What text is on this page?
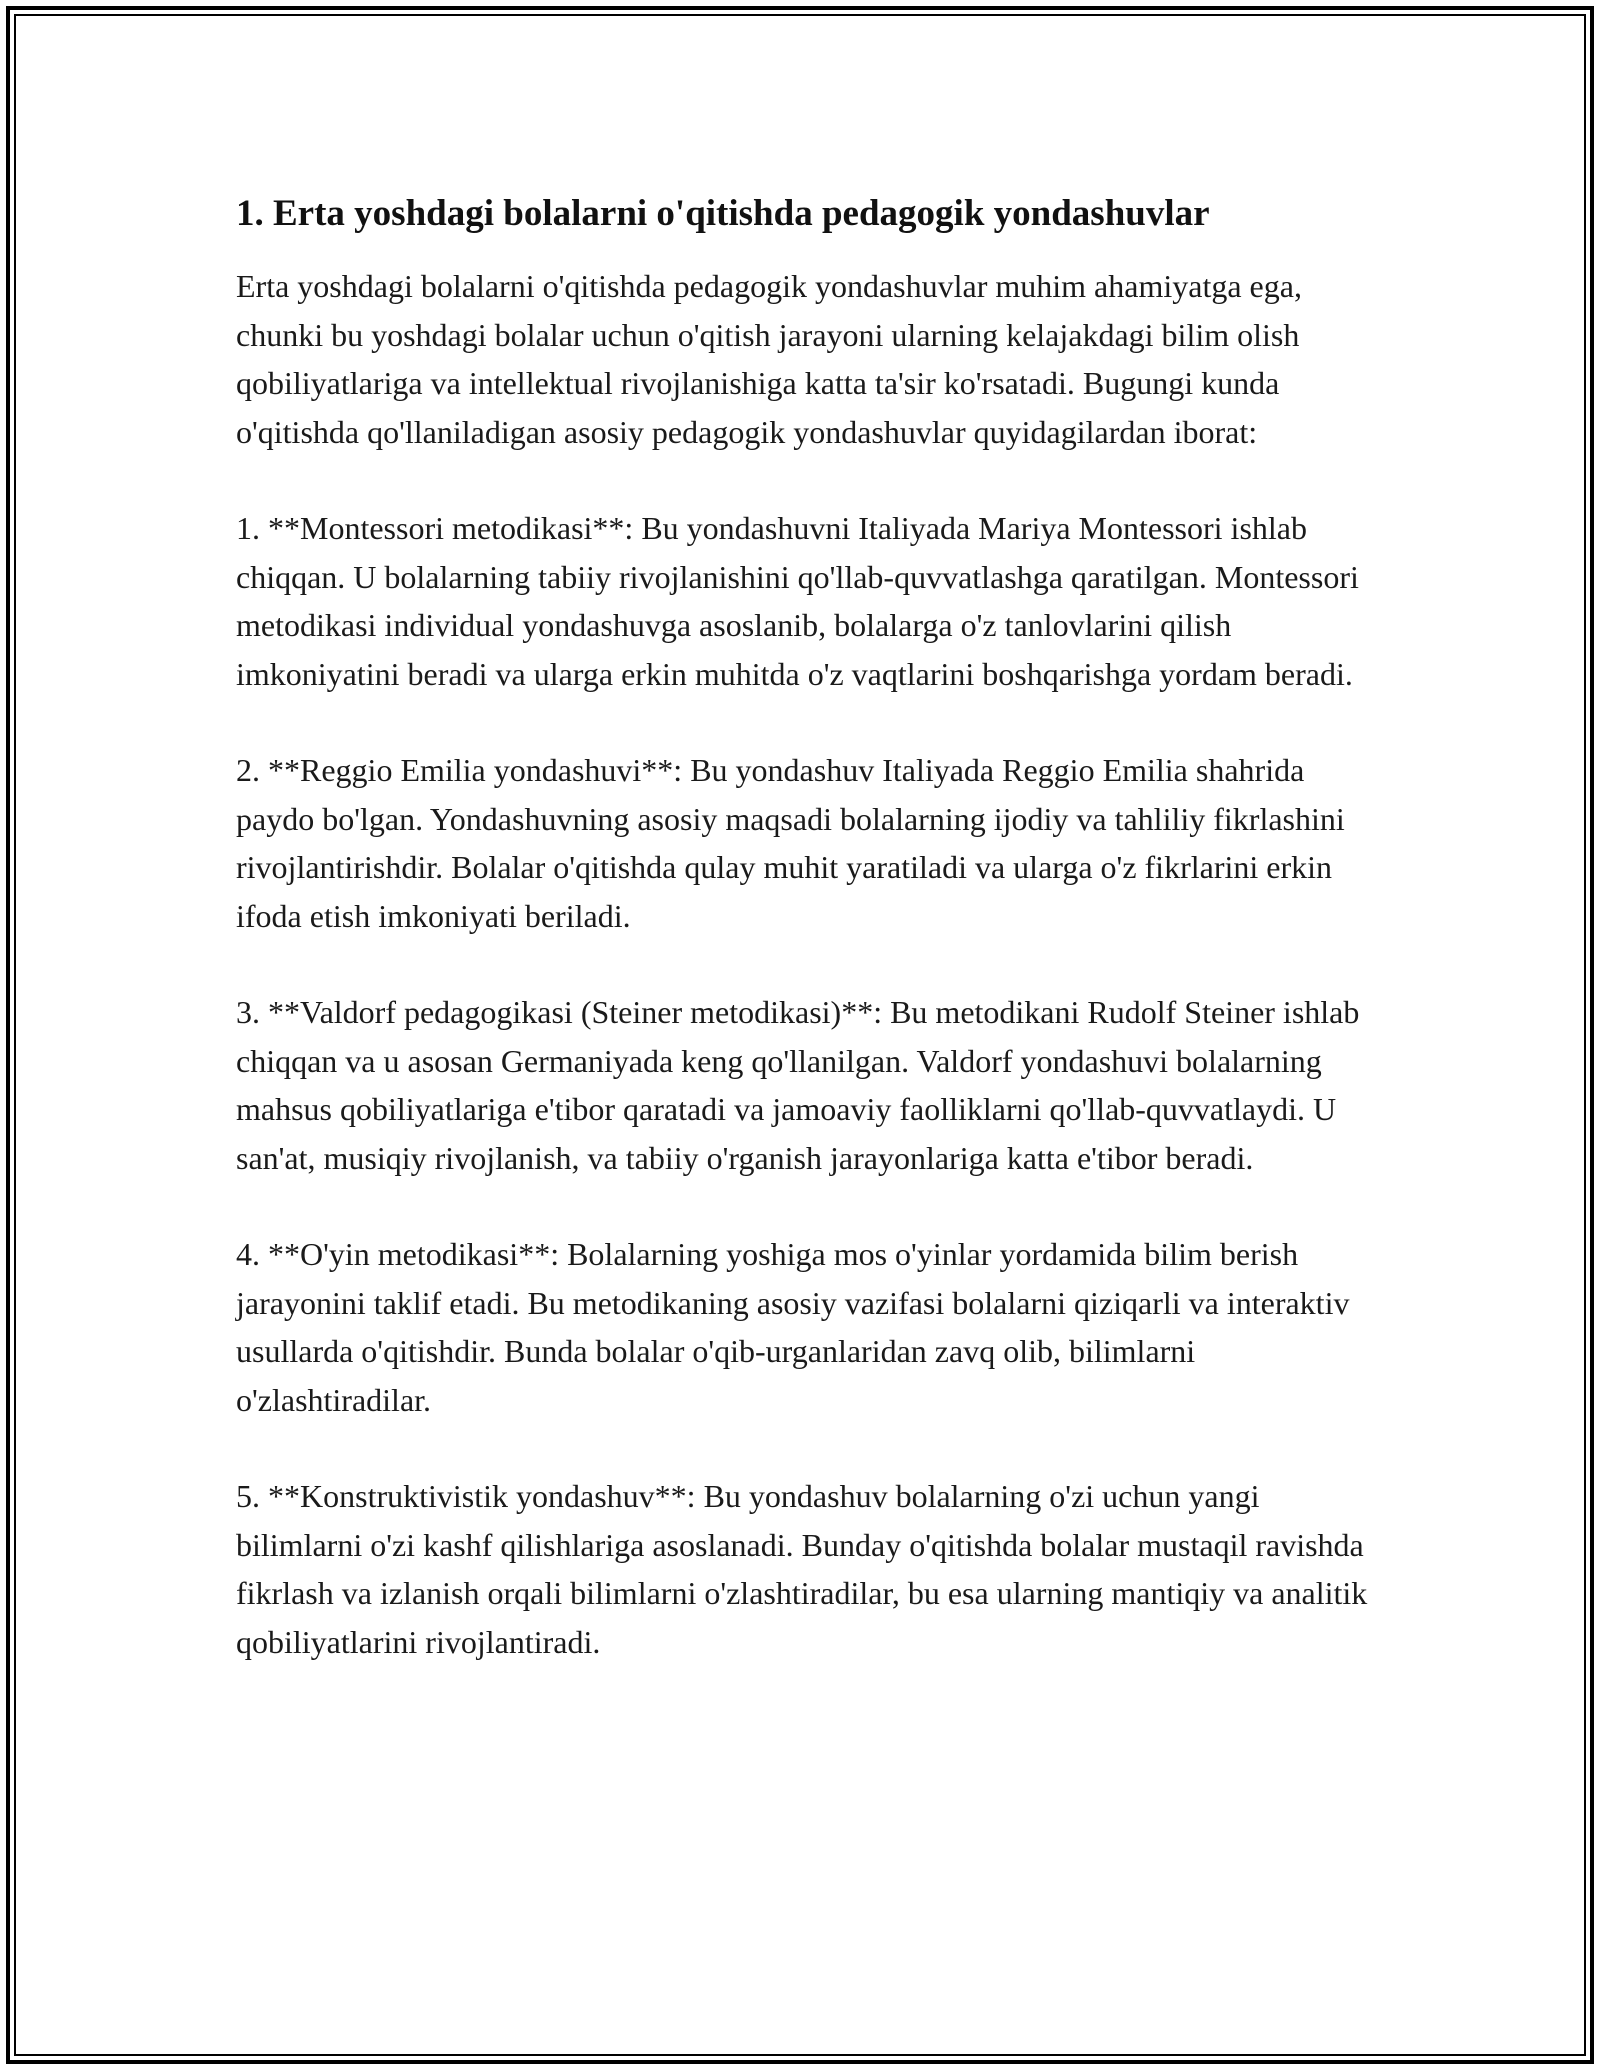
1. Erta yoshdagi bolalarni o'qitishda pedagogik yondashuvlar

Erta yoshdagi bolalarni o'qitishda pedagogik yondashuvlar muhim ahamiyatga ega, chunki bu yoshdagi bolalar uchun o'qitish jarayoni ularning kelajakdagi bilim olish qobiliyatlariga va intellektual rivojlanishiga katta ta'sir ko'rsatadi. Bugungi kunda o'qitishda qo'llaniladigan asosiy pedagogik yondashuvlar quyidagilardan iborat:

1. **Montessori metodikasi**: Bu yondashuvni Italiyada Mariya Montessori ishlab chiqqan. U bolalarning tabiiy rivojlanishini qo'llab-quvvatlashga qaratilgan. Montessori metodikasi individual yondashuvga asoslanib, bolalarga o'z tanlovlarini qilish imkoniyatini beradi va ularga erkin muhitda o'z vaqtlarini boshqarishga yordam beradi.

2. **Reggio Emilia yondashuvi**: Bu yondashuv Italiyada Reggio Emilia shahrida paydo bo'lgan. Yondashuvning asosiy maqsadi bolalarning ijodiy va tahliliy fikrlashini rivojlantirishdir. Bolalar o'qitishda qulay muhit yaratiladi va ularga o'z fikrlarini erkin ifoda etish imkoniyati beriladi.

3. **Valdorf pedagogikasi (Steiner metodikasi)**: Bu metodikani Rudolf Steiner ishlab chiqqan va u asosan Germaniyada keng qo'llanilgan. Valdorf yondashuvi bolalarning mahsus qobiliyatlariga e'tibor qaratadi va jamoaviy faolliklarni qo'llab-quvvatlaydi. U san'at, musiqiy rivojlanish, va tabiiy o'rganish jarayonlariga katta e'tibor beradi.

4. **O'yin metodikasi**: Bolalarning yoshiga mos o'yinlar yordamida bilim berish jarayonini taklif etadi. Bu metodikaning asosiy vazifasi bolalarni qiziqarli va interaktiv usullarda o'qitishdir. Bunda bolalar o'qib-urganlaridan zavq olib, bilimlarni o'zlashtiradilar.

5. **Konstruktivistik yondashuv**: Bu yondashuv bolalarning o'zi uchun yangi bilimlarni o'zi kashf qilishlariga asoslanadi. Bunday o'qitishda bolalar mustaqil ravishda fikrlash va izlanish orqali bilimlarni o'zlashtiradilar, bu esa ularning mantiqiy va analitik qobiliyatlarini rivojlantiradi.
